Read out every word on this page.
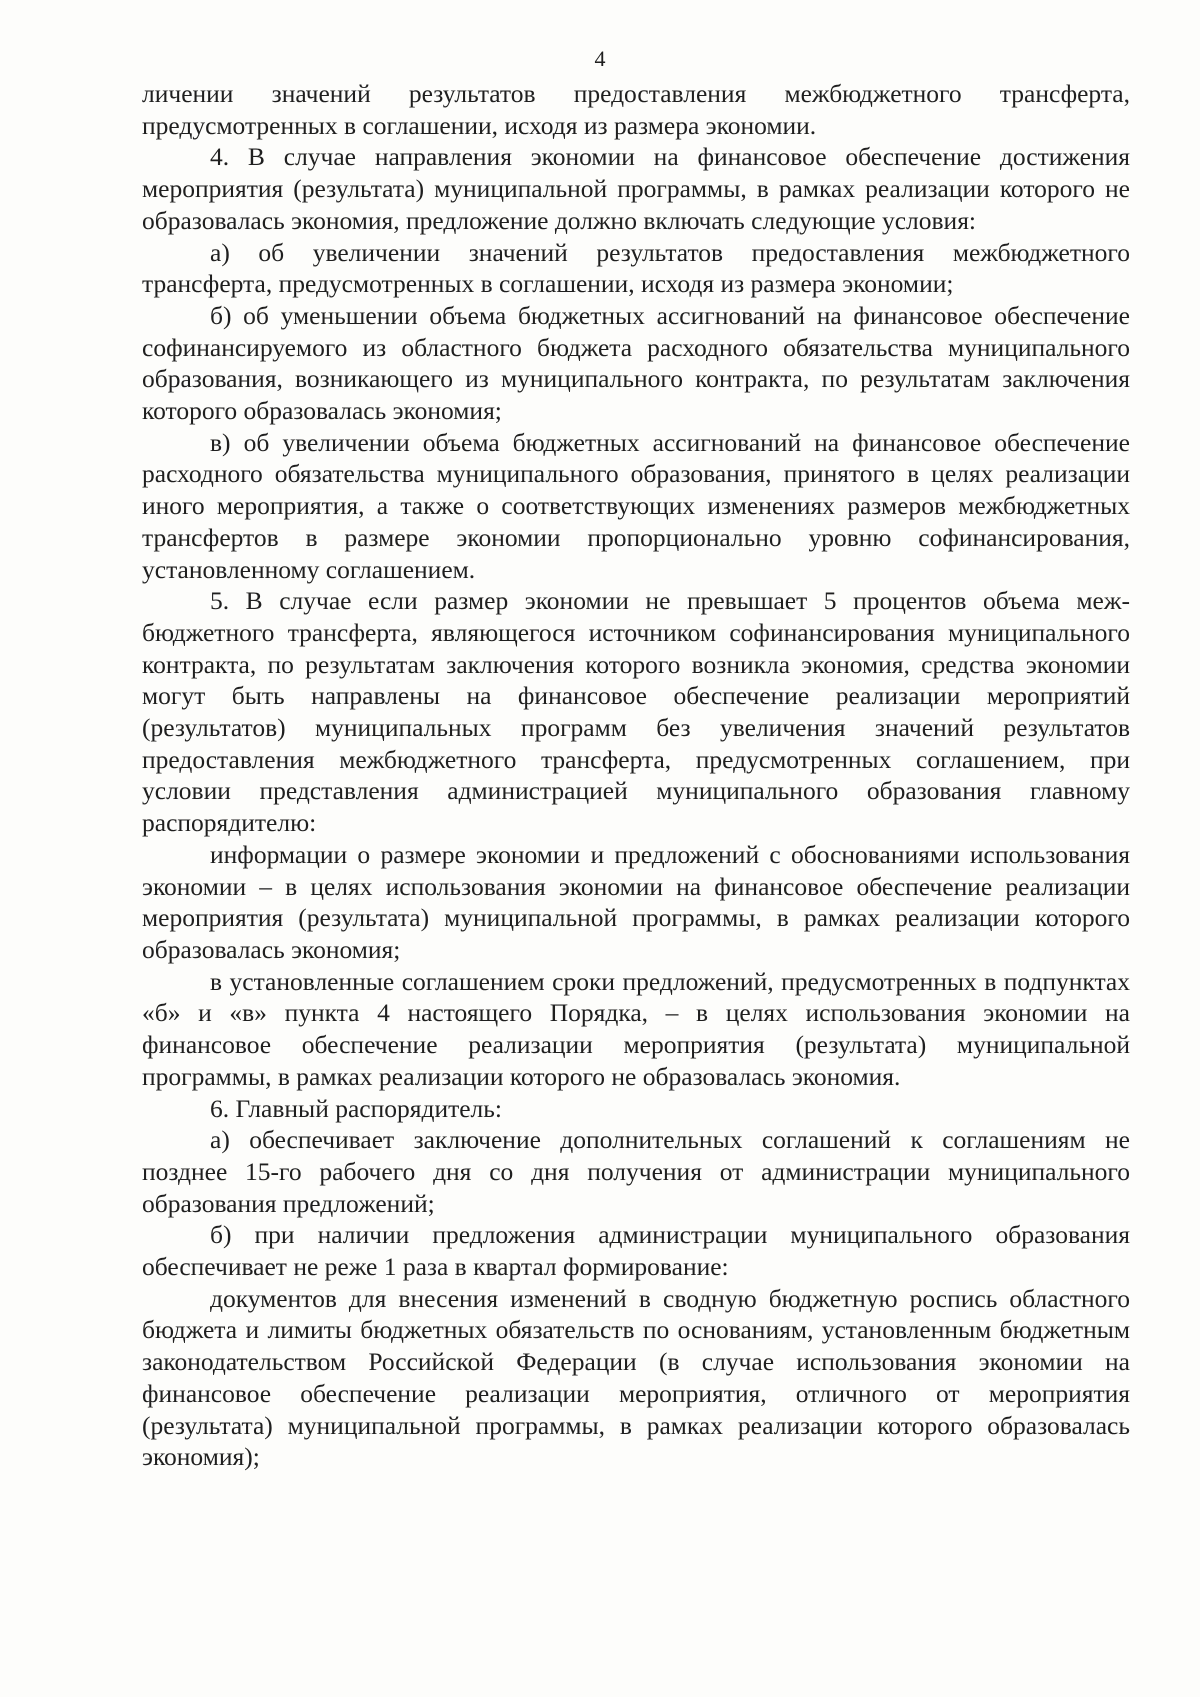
4

личении значений результатов предоставления межбюджетного трансферта, предусмотренных в соглашении, исходя из размера экономии.

4. В случае направления экономии на финансовое обеспечение достижения мероприятия (результата) муниципальной программы, в рамках реализации которого не образовалась экономия, предложение должно включать следующие условия:

а) об увеличении значений результатов предоставления межбюджетного трансферта, предусмотренных в соглашении, исходя из размера экономии;

б) об уменьшении объема бюджетных ассигнований на финансовое обеспечение софинансируемого из областного бюджета расходного обязательства муниципального образования, возникающего из муниципального контракта, по результатам заключения которого образовалась экономия;

в) об увеличении объема бюджетных ассигнований на финансовое обеспечение расходного обязательства муниципального образования, принятого в целях реализации иного мероприятия, а также о соответствующих изменениях размеров межбюджетных трансфертов в размере экономии пропорционально уровню софинансирования, установленному соглашением.

5. В случае если размер экономии не превышает 5 процентов объема межбюджетного трансферта, являющегося источником софинансирования муниципального контракта, по результатам заключения которого возникла экономия, средства экономии могут быть направлены на финансовое обеспечение реализации мероприятий (результатов) муниципальных программ без увеличения значений результатов предоставления межбюджетного трансферта, предусмотренных соглашением, при условии представления администрацией муниципального образования главному распорядителю:

информации о размере экономии и предложений с обоснованиями использования экономии – в целях использования экономии на финансовое обеспечение реализации мероприятия (результата) муниципальной программы, в рамках реализации которого образовалась экономия;

в установленные соглашением сроки предложений, предусмотренных в подпунктах «б» и «в» пункта 4 настоящего Порядка, – в целях использования экономии на финансовое обеспечение реализации мероприятия (результата) муниципальной программы, в рамках реализации которого не образовалась экономия.

6. Главный распорядитель:

а) обеспечивает заключение дополнительных соглашений к соглашениям не позднее 15-го рабочего дня со дня получения от администрации муниципального образования предложений;

б) при наличии предложения администрации муниципального образования обеспечивает не реже 1 раза в квартал формирование:

документов для внесения изменений в сводную бюджетную роспись областного бюджета и лимиты бюджетных обязательств по основаниям, установленным бюджетным законодательством Российской Федерации (в случае использования экономии на финансовое обеспечение реализации мероприятия, отличного от мероприятия (результата) муниципальной программы, в рамках реализации которого образовалась экономия);
